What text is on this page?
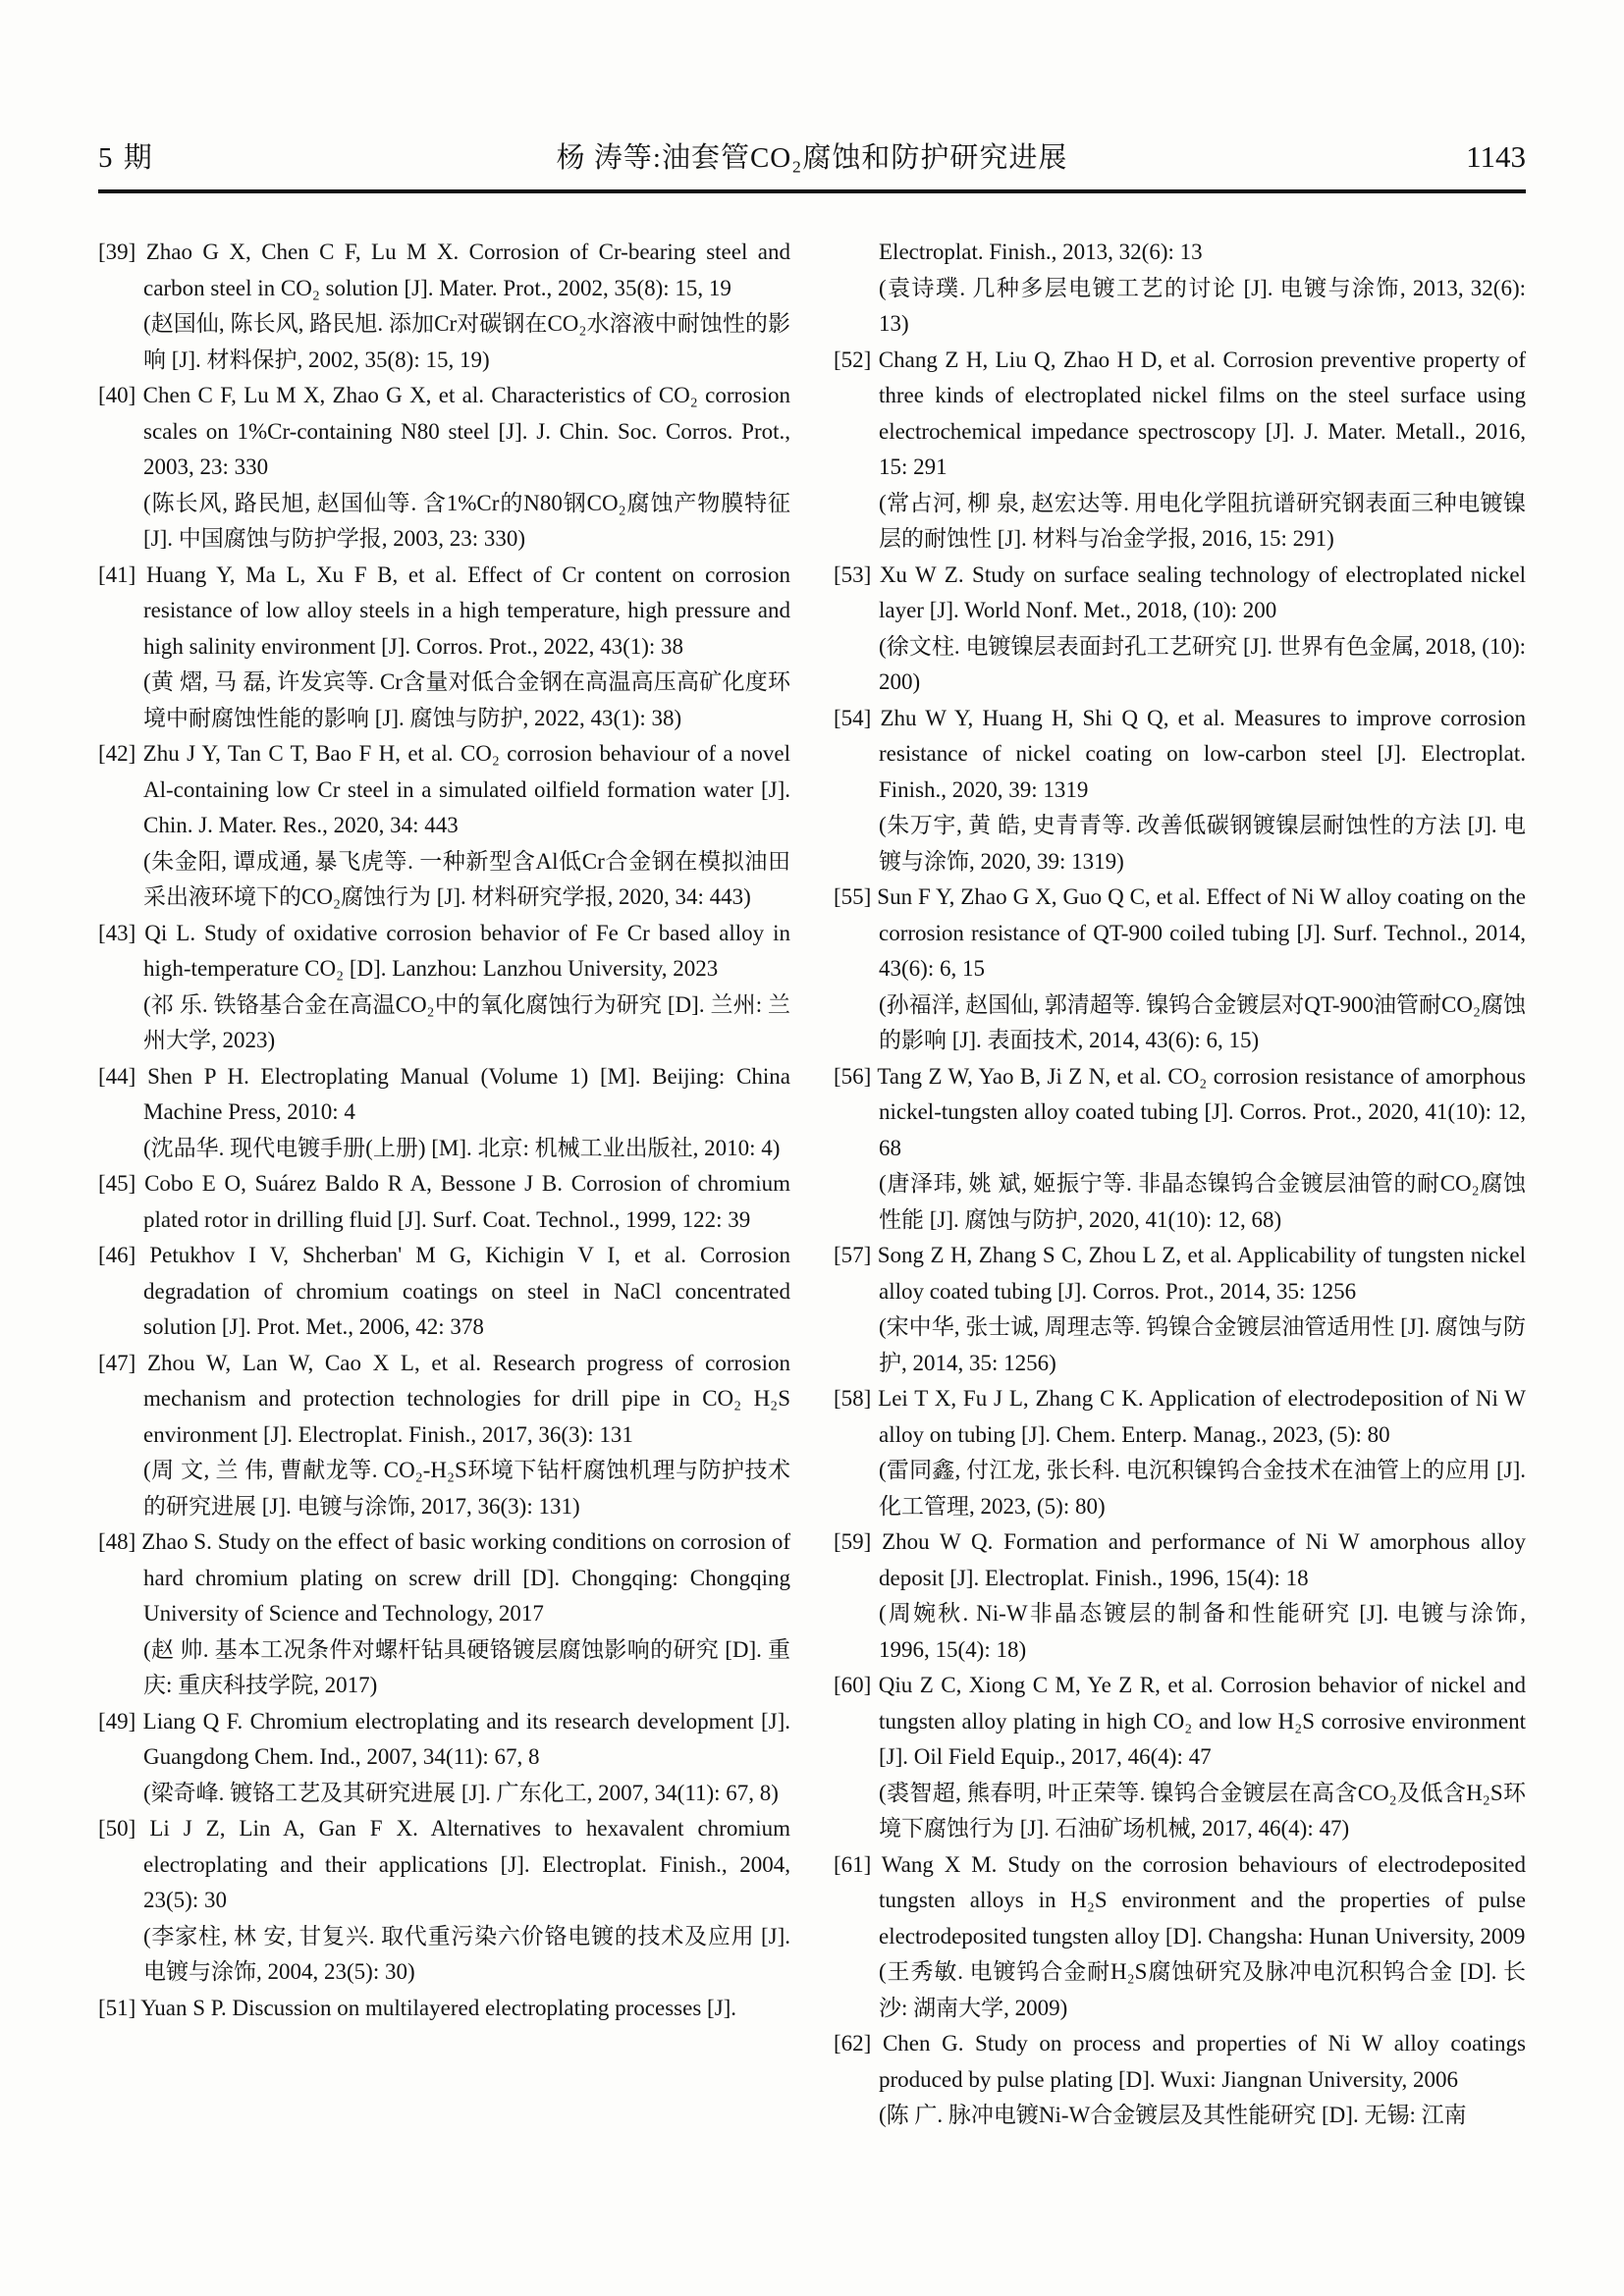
5 期	杨 涛等:油套管CO₂腐蚀和防护研究进展	1143
[39] Zhao G X, Chen C F, Lu M X. Corrosion of Cr-bearing steel and carbon steel in CO₂ solution [J]. Mater. Prot., 2002, 35(8): 15, 19
(赵国仙, 陈长风, 路民旭. 添加Cr对碳钢在CO₂水溶液中耐蚀性的影响 [J]. 材料保护, 2002, 35(8): 15, 19)
[40] Chen C F, Lu M X, Zhao G X, et al. Characteristics of CO₂ corrosion scales on 1%Cr-containing N80 steel [J]. J. Chin. Soc. Corros. Prot., 2003, 23: 330
(陈长风, 路民旭, 赵国仙等. 含1%Cr的N80钢CO₂腐蚀产物膜特征 [J]. 中国腐蚀与防护学报, 2003, 23: 330)
[41] Huang Y, Ma L, Xu F B, et al. Effect of Cr content on corrosion resistance of low alloy steels in a high temperature, high pressure and high salinity environment [J]. Corros. Prot., 2022, 43(1): 38
(黄 熠, 马 磊, 许发宾等. Cr含量对低合金钢在高温高压高矿化度环境中耐腐蚀性能的影响 [J]. 腐蚀与防护, 2022, 43(1): 38)
[42] Zhu J Y, Tan C T, Bao F H, et al. CO₂ corrosion behaviour of a novel Al-containing low Cr steel in a simulated oilfield formation water [J]. Chin. J. Mater. Res., 2020, 34: 443
(朱金阳, 谭成通, 暴飞虎等. 一种新型含Al低Cr合金钢在模拟油田采出液环境下的CO₂腐蚀行为 [J]. 材料研究学报, 2020, 34: 443)
[43] Qi L. Study of oxidative corrosion behavior of Fe Cr based alloy in high-temperature CO₂ [D]. Lanzhou: Lanzhou University, 2023
(祁 乐. 铁铬基合金在高温CO₂中的氧化腐蚀行为研究 [D]. 兰州: 兰州大学, 2023)
[44] Shen P H. Electroplating Manual (Volume 1) [M]. Beijing: China Machine Press, 2010: 4
(沈品华. 现代电镀手册(上册) [M]. 北京: 机械工业出版社, 2010: 4)
[45] Cobo E O, Suárez Baldo R A, Bessone J B. Corrosion of chromium plated rotor in drilling fluid [J]. Surf. Coat. Technol., 1999, 122: 39
[46] Petukhov I V, Shcherban' M G, Kichigin V I, et al. Corrosion degradation of chromium coatings on steel in NaCl concentrated solution [J]. Prot. Met., 2006, 42: 378
[47] Zhou W, Lan W, Cao X L, et al. Research progress of corrosion mechanism and protection technologies for drill pipe in CO₂ H₂S environment [J]. Electroplat. Finish., 2017, 36(3): 131
(周 文, 兰 伟, 曹献龙等. CO₂-H₂S环境下钻杆腐蚀机理与防护技术的研究进展 [J]. 电镀与涂饰, 2017, 36(3): 131)
[48] Zhao S. Study on the effect of basic working conditions on corrosion of hard chromium plating on screw drill [D]. Chongqing: Chongqing University of Science and Technology, 2017
(赵 帅. 基本工况条件对螺杆钻具硬铬镀层腐蚀影响的研究 [D]. 重庆: 重庆科技学院, 2017)
[49] Liang Q F. Chromium electroplating and its research development [J]. Guangdong Chem. Ind., 2007, 34(11): 67, 8
(梁奇峰. 镀铬工艺及其研究进展 [J]. 广东化工, 2007, 34(11): 67, 8)
[50] Li J Z, Lin A, Gan F X. Alternatives to hexavalent chromium electroplating and their applications [J]. Electroplat. Finish., 2004, 23(5): 30
(李家柱, 林 安, 甘复兴. 取代重污染六价铬电镀的技术及应用 [J]. 电镀与涂饰, 2004, 23(5): 30)
[51] Yuan S P. Discussion on multilayered electroplating processes [J].
Electroplat. Finish., 2013, 32(6): 13
(袁诗璞. 几种多层电镀工艺的讨论 [J]. 电镀与涂饰, 2013, 32(6): 13)
[52] Chang Z H, Liu Q, Zhao H D, et al. Corrosion preventive property of three kinds of electroplated nickel films on the steel surface using electrochemical impedance spectroscopy [J]. J. Mater. Metall., 2016, 15: 291
(常占河, 柳 泉, 赵宏达等. 用电化学阻抗谱研究钢表面三种电镀镍层的耐蚀性 [J]. 材料与冶金学报, 2016, 15: 291)
[53] Xu W Z. Study on surface sealing technology of electroplated nickel layer [J]. World Nonf. Met., 2018, (10): 200
(徐文柱. 电镀镍层表面封孔工艺研究 [J]. 世界有色金属, 2018, (10): 200)
[54] Zhu W Y, Huang H, Shi Q Q, et al. Measures to improve corrosion resistance of nickel coating on low-carbon steel [J]. Electroplat. Finish., 2020, 39: 1319
(朱万宇, 黄 皓, 史青青等. 改善低碳钢镀镍层耐蚀性的方法 [J]. 电镀与涂饰, 2020, 39: 1319)
[55] Sun F Y, Zhao G X, Guo Q C, et al. Effect of Ni W alloy coating on the corrosion resistance of QT-900 coiled tubing [J]. Surf. Technol., 2014, 43(6): 6, 15
(孙福洋, 赵国仙, 郭清超等. 镍钨合金镀层对QT-900油管耐CO₂腐蚀的影响 [J]. 表面技术, 2014, 43(6): 6, 15)
[56] Tang Z W, Yao B, Ji Z N, et al. CO₂ corrosion resistance of amorphous nickel-tungsten alloy coated tubing [J]. Corros. Prot., 2020, 41(10): 12, 68
(唐泽玮, 姚 斌, 姬振宁等. 非晶态镍钨合金镀层油管的耐CO₂腐蚀性能 [J]. 腐蚀与防护, 2020, 41(10): 12, 68)
[57] Song Z H, Zhang S C, Zhou L Z, et al. Applicability of tungsten nickel alloy coated tubing [J]. Corros. Prot., 2014, 35: 1256
(宋中华, 张士诚, 周理志等. 钨镍合金镀层油管适用性 [J]. 腐蚀与防护, 2014, 35: 1256)
[58] Lei T X, Fu J L, Zhang C K. Application of electrodeposition of Ni W alloy on tubing [J]. Chem. Enterp. Manag., 2023, (5): 80
(雷同鑫, 付江龙, 张长科. 电沉积镍钨合金技术在油管上的应用 [J]. 化工管理, 2023, (5): 80)
[59] Zhou W Q. Formation and performance of Ni W amorphous alloy deposit [J]. Electroplat. Finish., 1996, 15(4): 18
(周婉秋. Ni-W非晶态镀层的制备和性能研究 [J]. 电镀与涂饰, 1996, 15(4): 18)
[60] Qiu Z C, Xiong C M, Ye Z R, et al. Corrosion behavior of nickel and tungsten alloy plating in high CO₂ and low H₂S corrosive environment [J]. Oil Field Equip., 2017, 46(4): 47
(裘智超, 熊春明, 叶正荣等. 镍钨合金镀层在高含CO₂及低含H₂S环境下腐蚀行为 [J]. 石油矿场机械, 2017, 46(4): 47)
[61] Wang X M. Study on the corrosion behaviours of electrodeposited tungsten alloys in H₂S environment and the properties of pulse electrodeposited tungsten alloy [D]. Changsha: Hunan University, 2009
(王秀敏. 电镀钨合金耐H₂S腐蚀研究及脉冲电沉积钨合金 [D]. 长沙: 湖南大学, 2009)
[62] Chen G. Study on process and properties of Ni W alloy coatings produced by pulse plating [D]. Wuxi: Jiangnan University, 2006
(陈 广. 脉冲电镀Ni-W合金镀层及其性能研究 [D]. 无锡: 江南
